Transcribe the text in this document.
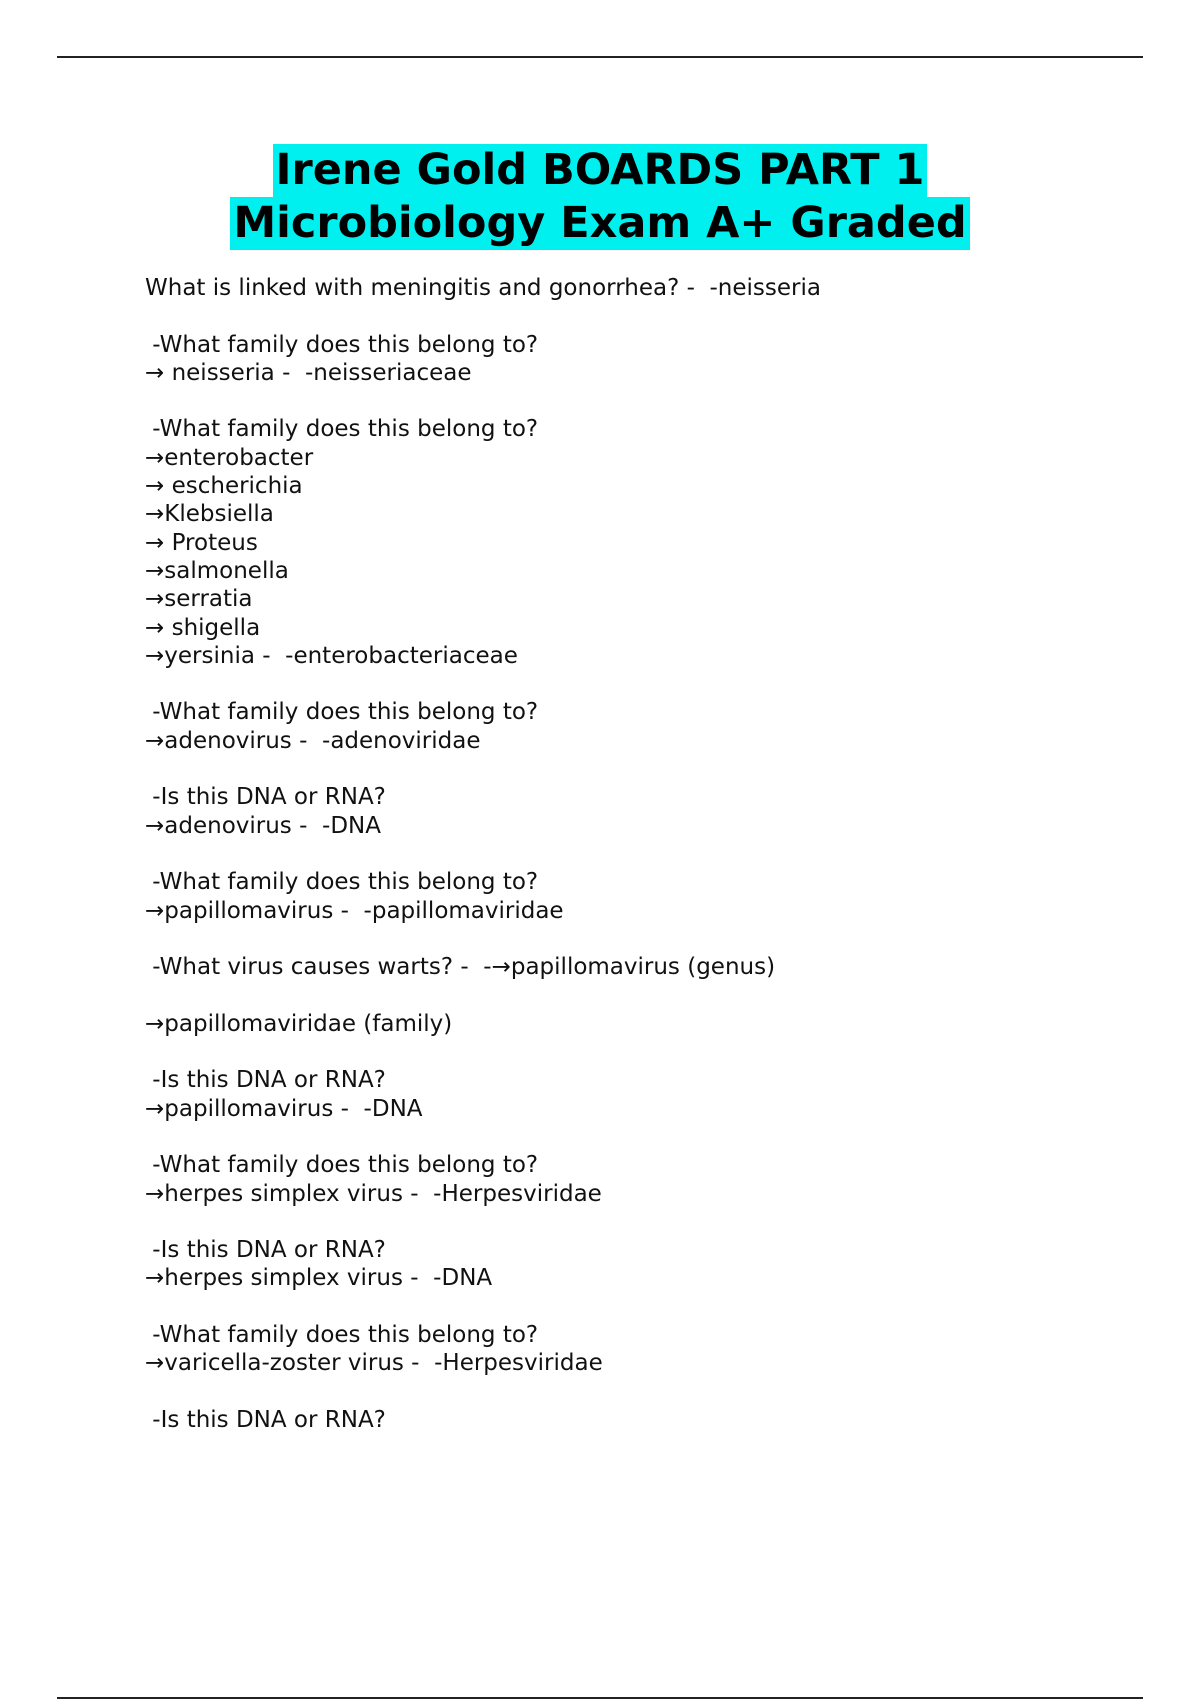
Irene Gold BOARDS PART 1
Microbiology Exam A+ Graded
What is linked with meningitis and gonorrhea? -  -neisseria
-What family does this belong to?
→ neisseria -  -neisseriaceae
-What family does this belong to?
→enterobacter
→ escherichia
→Klebsiella
→ Proteus
→salmonella
→serratia
→ shigella
→yersinia -  -enterobacteriaceae
-What family does this belong to?
→adenovirus -  -adenoviridae
-Is this DNA or RNA?
→adenovirus -  -DNA
-What family does this belong to?
→papillomavirus -  -papillomaviridae
-What virus causes warts? -  -→papillomavirus (genus)
→papillomaviridae (family)
-Is this DNA or RNA?
→papillomavirus -  -DNA
-What family does this belong to?
→herpes simplex virus -  -Herpesviridae
-Is this DNA or RNA?
→herpes simplex virus -  -DNA
-What family does this belong to?
→varicella-zoster virus -  -Herpesviridae
-Is this DNA or RNA?
